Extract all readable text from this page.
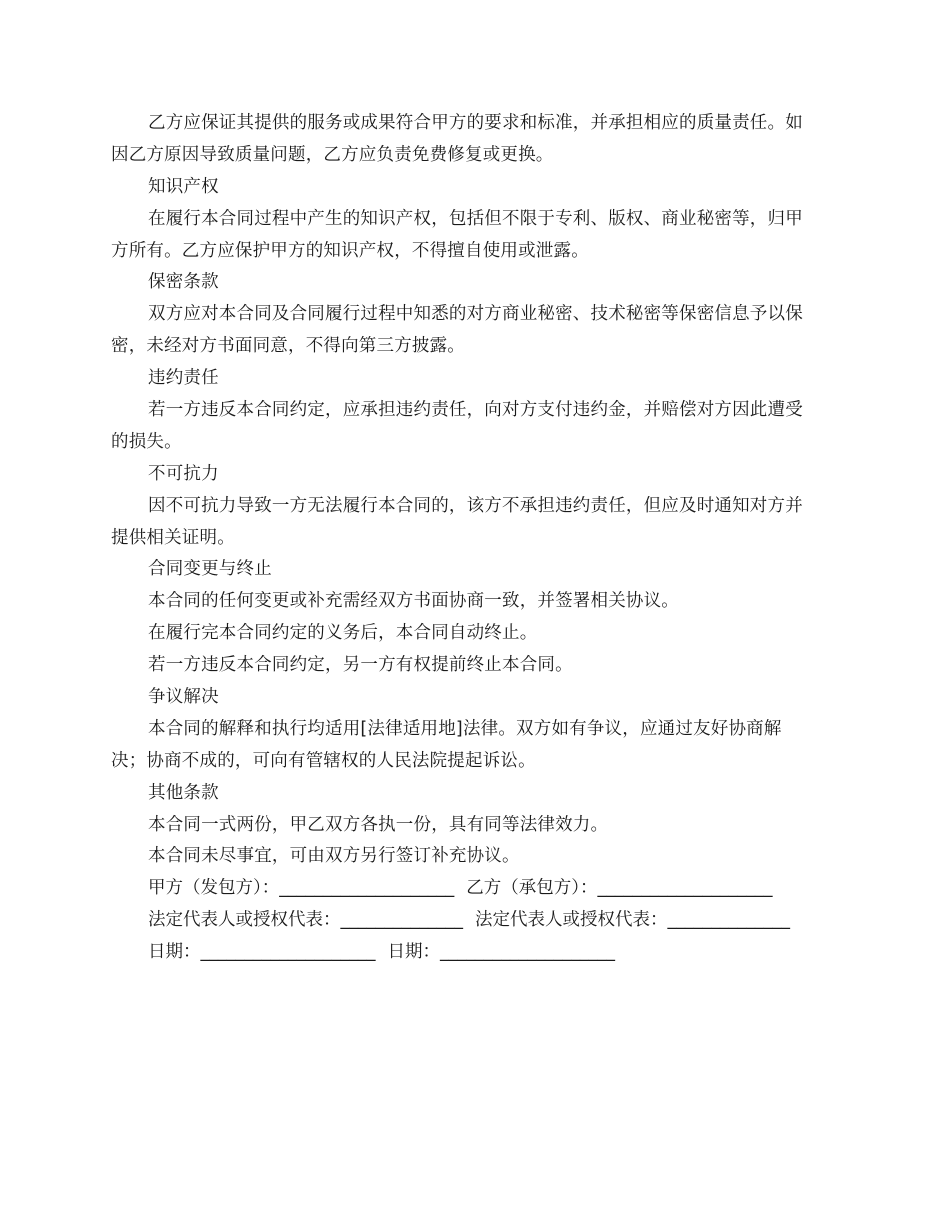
乙方应保证其提供的服务或成果符合甲方的要求和标准，并承担相应的质量责任。如
因乙方原因导致质量问题，乙方应负责免费修复或更换。
知识产权
在履行本合同过程中产生的知识产权，包括但不限于专利、版权、商业秘密等，归甲
方所有。乙方应保护甲方的知识产权，不得擅自使用或泄露。
保密条款
双方应对本合同及合同履行过程中知悉的对方商业秘密、技术秘密等保密信息予以保
密，未经对方书面同意，不得向第三方披露。
违约责任
若一方违反本合同约定，应承担违约责任，向对方支付违约金，并赔偿对方因此遭受
的损失。
不可抗力
因不可抗力导致一方无法履行本合同的，该方不承担违约责任，但应及时通知对方并
提供相关证明。
合同变更与终止
本合同的任何变更或补充需经双方书面协商一致，并签署相关协议。
在履行完本合同约定的义务后，本合同自动终止。
若一方违反本合同约定，另一方有权提前终止本合同。
争议解决
本合同的解释和执行均适用[法律适用地]法律。双方如有争议，应通过友好协商解
决；协商不成的，可向有管辖权的人民法院提起诉讼。
其他条款
本合同一式两份，甲乙双方各执一份，具有同等法律效力。
本合同未尽事宜，可由双方另行签订补充协议。
甲方（发包方）：____________________ 乙方（承包方）：____________________
法定代表人或授权代表：______________ 法定代表人或授权代表：______________
日期：____________________ 日期：____________________
